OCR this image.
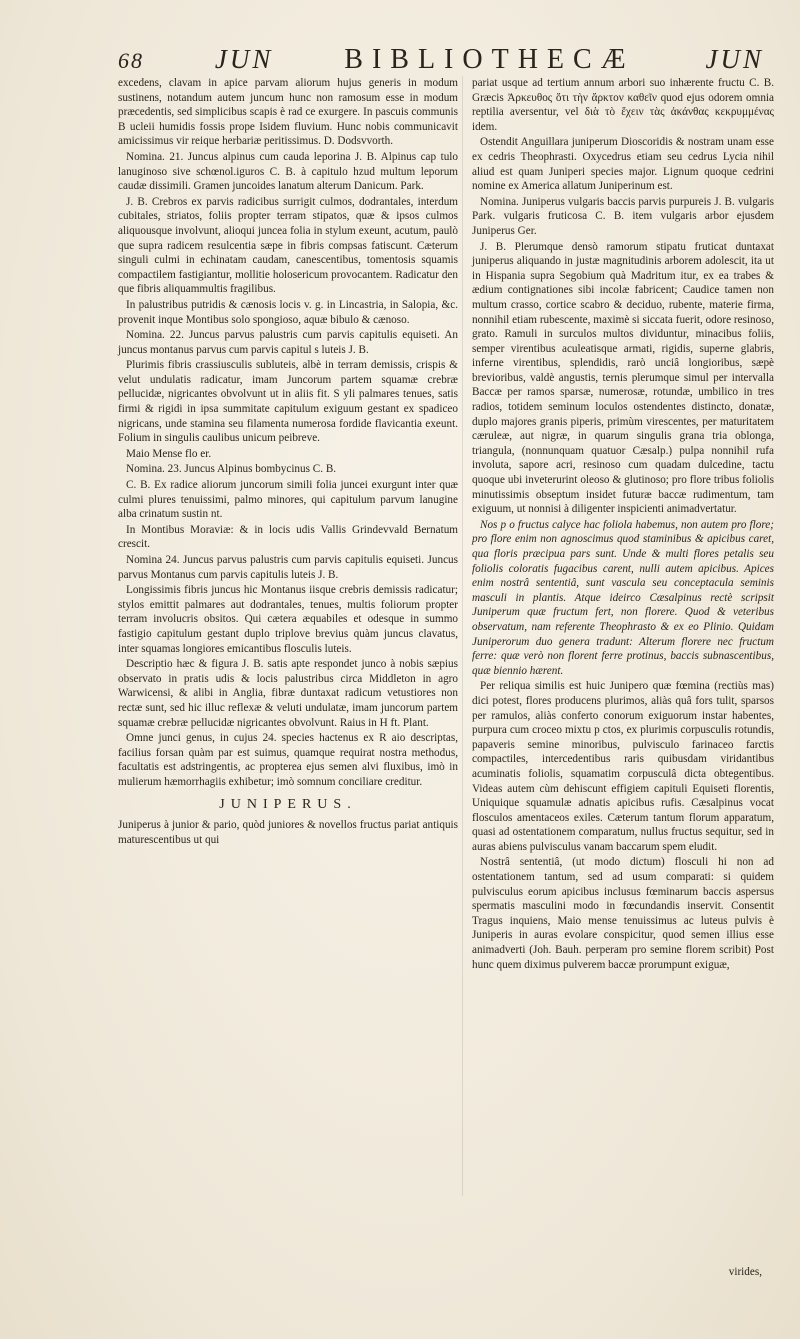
68	JUN	BIBLIOTHECÆ	JUN

excedens, clavam in apice parvam aliorum hujus generis in modum sustinens, notandum autem juncum hunc non ramosum esse in modum præcedentis, sed simplicibus scapis è rad ce exurgere. In pascuis communis B ucleii humidis fossis prope Isidem fluvium. Hunc nobis communicavit amicissimus vir reique herbariæ peritissimus. D. Dodsvvorth.

Nomina. 21. Juncus alpinus cum cauda leporina J. B. Alpinus cap tulo lanuginoso sive schœnol.iguros C. B. à capitulo hzud multum leporum caudæ dissimili. Gramen juncoides lanatum alterum Danicum. Park.

J. B. Crebros ex parvis radicibus surrigit culmos, dodrantales, interdum cubitales, striatos, foliis propter terram stipatos, quæ & ipsos culmos aliquousque involvunt, alioqui juncea folia in stylum exeunt, acutum, paulò que supra radicem resulcentia sæpe in fibris compsas fatiscunt. Cæterum singuli culmi in echinatam caudam, canescentibus, tomentosis squamis compactilem fastigiantur, mollitie holosericum provocantem. Radicatur den que fibris aliquammultis fragilibus.

In palustribus putridis & cænosis locis v. g. in Lincastria, in Salopia, &c. provenit inque Montibus solo spongioso, aquæ bibulo & cænoso.

Nomina. 22. Juncus parvus palustris cum parvis capitulis equiseti. An juncus montanus parvus cum parvis capitul s luteis J. B.

Plurimis fibris crassiusculis subluteis, albè in terram demissis, crispis & velut undulatis radicatur, imam Juncorum partem squamæ crebræ pellucidæ, nigricantes obvolvunt ut in aliis fit. S yli palmares tenues, satis firmi & rigidi in ipsa summitate capitulum exiguum gestant ex spadiceo nigricans, unde stamina seu filamenta numerosa fordide flavicantia exeunt. Folium in singulis caulibus unicum peibreve.

Maio Mense flo er.

Nomina. 23. Juncus Alpinus bombycinus C. B.

C. B. Ex radice aliorum juncorum simili folia juncei exurgunt inter quæ culmi plures tenuissimi, palmo minores, qui capitulum parvum lanugine alba crinatum sustin nt.

In Montibus Moraviæ: & in locis udis Vallis Grindevvald Bernatum crescit.

Nomina 24. Juncus parvus palustris cum parvis capitulis equiseti. Juncus parvus Montanus cum parvis capitulis luteis J. B.

Longissimis fibris juncus hic Montanus iisque crebris demissis radicatur; stylos emittit palmares aut dodrantales, tenues, multis foliorum propter terram involucris obsitos. Qui cætera æquabiles et odesque in summo fastigio capitulum gestant duplo triplove brevius quàm juncus clavatus, inter squamas longiores emicantibus flosculis luteis.

Descriptio hæc & figura J. B. satis apte respondet junco à nobis sæpius observato in pratis udis & locis palustribus circa Middleton in agro Warwicensi, & alibi in Anglia, fibræ duntaxat radicum vetustiores non rectæ sunt, sed hic illuc reflexæ & veluti undulatæ, imam juncorum partem squamæ crebræ pellucidæ nigricantes obvolvunt. Raius in H ft. Plant.

Omne junci genus, in cujus 24. species hactenus ex R aio descriptas, facilius forsan quàm par est suimus, quamque requirat nostra methodus, facultatis est adstringentis, ac propterea ejus semen alvi fluxibus, imò in mulierum hæmorrhagiis exhibetur; imò somnum conciliare creditur.

JUNIPERUS.

Juniperus à junior & pario, quòd juniores & novellos fructus pariat antiquis maturescentibus ut qui

pariat usque ad tertium annum arbori suo inhærente fructu C. B. Græcis Ἀρκευθος ὅτι τὴν ἄρκτον καθεῖν quod ejus odorem omnia reptilia aversentur, vel διὰ τὸ ἔχειν τὰς ἀκάνθας κεκρυμμένας idem.

Ostendit Anguillara juniperum Dioscoridis & nostram unam esse ex cedris Theophrasti. Oxycedrus etiam seu cedrus Lycia nihil aliud est quam Juniperi species major. Lignum quoque cedrini nomine ex America allatum Juniperinum est.

Nomina. Juniperus vulgaris baccis parvis purpureis J. B. vulgaris Park. vulgaris fruticosa C. B. item vulgaris arbor ejusdem Juniperus Ger.

J. B. Plerumque densò ramorum stipatu fruticat duntaxat juniperus aliquando in justæ magnitudinis arborem adolescit, ita ut in Hispania supra Segobium quà Madritum itur, ex ea trabes & ædium contignationes sibi incolæ fabricent; Caudice tamen non multum crasso, cortice scabro & deciduo, rubente, materie firma, nonnihil etiam rubescente, maximè si siccata fuerit, odore resinoso, grato. Ramuli in surculos multos dividuntur, minacibus foliis, semper virentibus aculeatisque armati, rigidis, superne glabris, inferne virentibus, splendidis, rarò unciâ longioribus, sæpè brevioribus, valdè angustis, ternis plerumque simul per intervalla Baccæ per ramos sparsæ, numerosæ, rotundæ, umbilico in tres radios, totidem seminum loculos ostendentes distincto, donatæ, duplo majores granis piperis, primùm virescentes, per maturitatem cæruleæ, aut nigræ, in quarum singulis grana tria oblonga, triangula, (nonnunquam quatuor Cæsalp.) pulpa nonnihil rufa involuta, sapore acri, resinoso cum quadam dulcedine, tactu quoque ubi inveterurint oleoso & glutinoso; pro flore tribus foliolis minutissimis obseptum insidet futuræ baccæ rudimentum, tam exiguum, ut nonnisi à diligenter inspicienti animadvertatur.

Nos p o fructus calyce hac foliola habemus, non autem pro flore; pro flore enim non agnoscimus quod staminibus & apicibus caret, qua floris præcipua pars sunt. Unde & multi flores petalis seu foliolis coloratis fugacibus carent, nulli autem apicibus. Apices enim nostrâ sententiâ, sunt vascula seu conceptacula seminis masculi in plantis. Atque ideirco Cæsalpinus rectè scripsit Juniperum quæ fructum fert, non florere. Quod & veteribus observatum, nam referente Theophrasto & ex eo Plinio. Quidam Juniperorum duo genera tradunt: Alterum florere nec fructum ferre: quæ verò non florent ferre protinus, baccis subnascentibus, quæ biennio hærent.

Per reliqua similis est huic Junipero quæ fœmina (rectiùs mas) dici potest, flores producens plurimos, aliàs quâ fors tulit, sparsos per ramulos, aliàs conferto conorum exiguorum instar habentes, purpura cum croceo mixtu p ctos, ex plurimis corpusculis rotundis, papaveris semine minoribus, pulvisculo farinaceo farctis compactiles, intercedentibus raris quibusdam viridantibus acuminatis foliolis, squamatim corpusculâ dicta obtegentibus. Videas autem cùm dehiscunt effigiem capituli Equiseti florentis, Uniquique squamulæ adnatis apicibus rufis. Cæsalpinus vocat flosculos amentaceos exiles. Cæterum tantum florum apparatum, quasi ad ostentationem comparatum, nullus fructus sequitur, sed in auras abiens pulvisculus vanam baccarum spem eludit.

Nostrâ sententiâ, (ut modo dictum) flosculi hi non ad ostentationem tantum, sed ad usum comparati: si quidem pulvisculus eorum apicibus inclusus fœminarum baccis aspersus spermatis masculini modo in fœcundandis inservit. Consentit Tragus inquiens, Maio mense tenuissimus ac luteus pulvis è Juniperis in auras evolare conspicitur, quod semen illius esse animadverti (Joh. Bauh. perperam pro semine florem scribit) Post hunc quem diximus pulverem baccæ prorumpunt exiguæ,

virides,
